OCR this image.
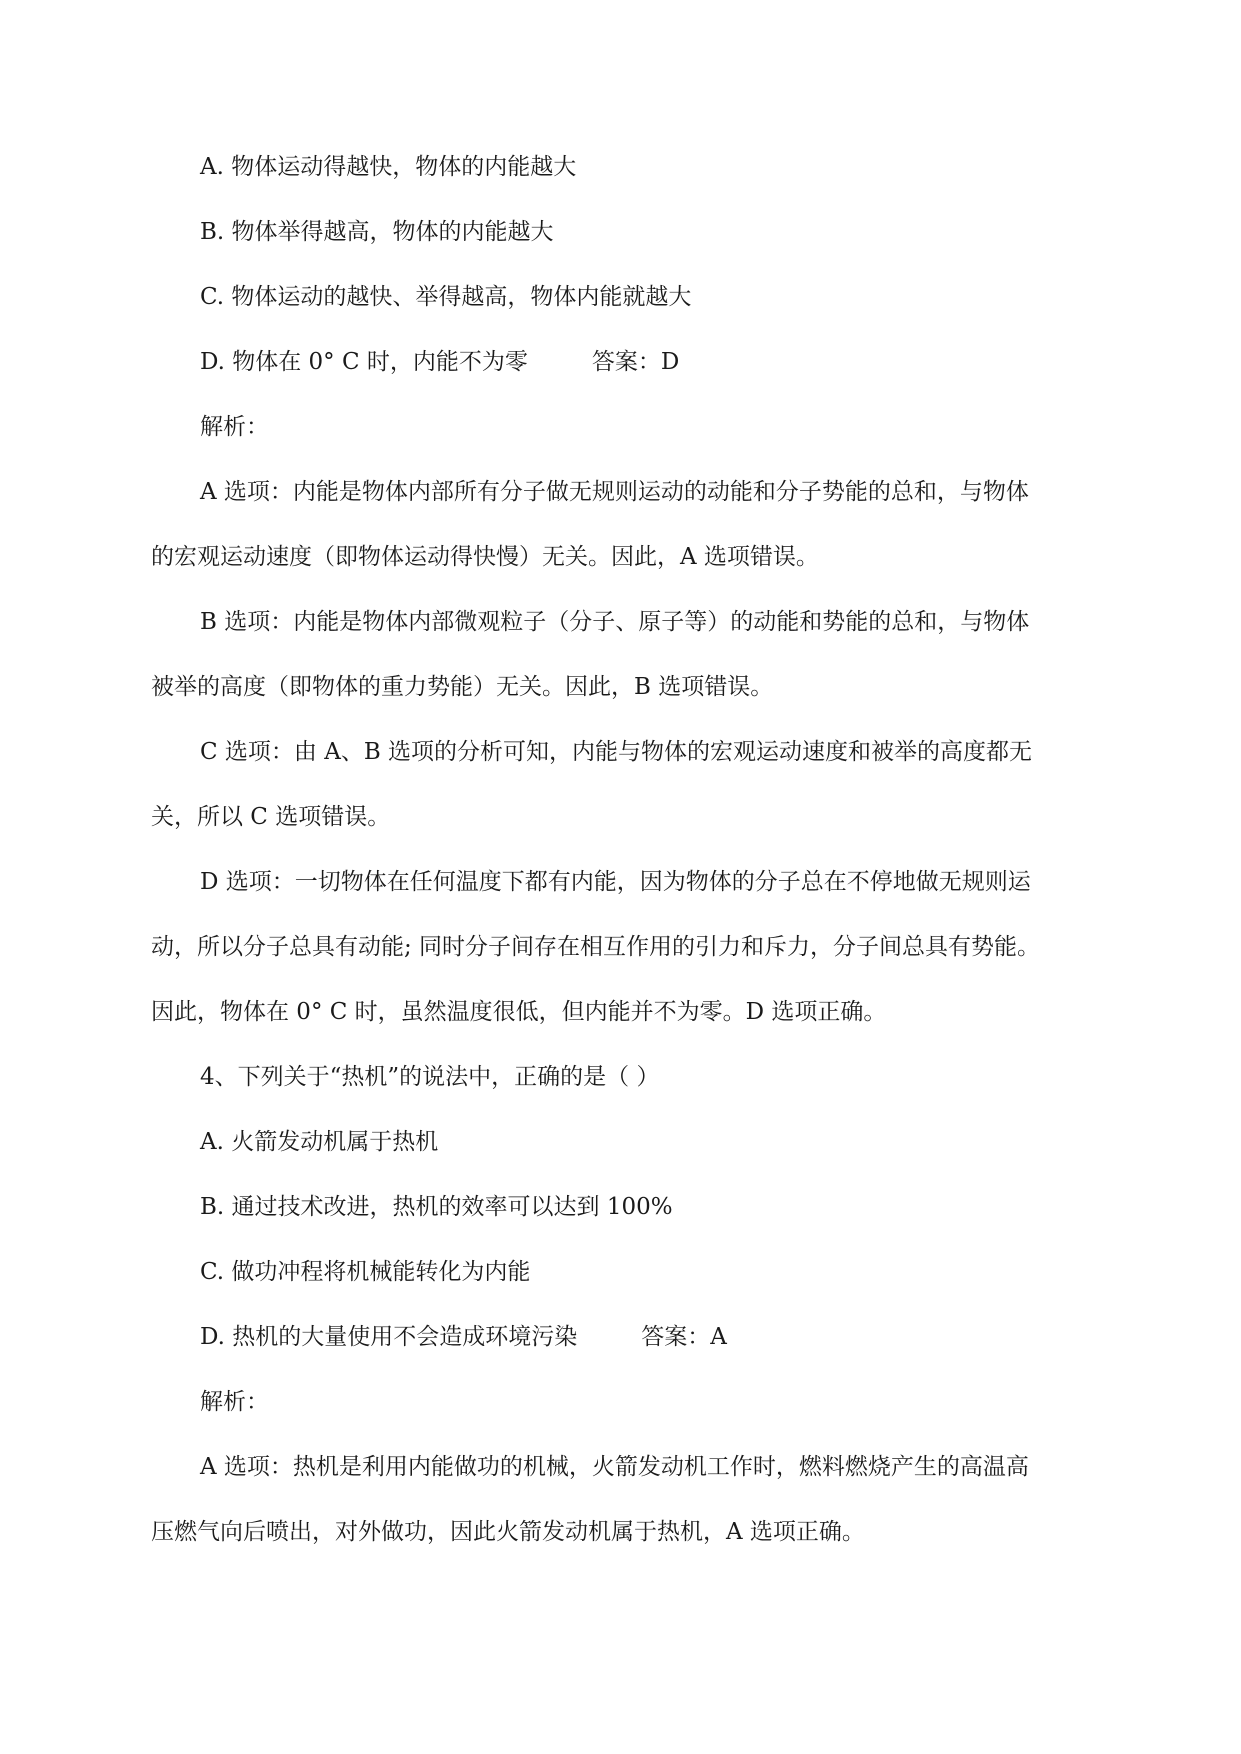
A. 物体运动得越快，物体的内能越大
B. 物体举得越高，物体的内能越大
C. 物体运动的越快、举得越高，物体内能就越大
D. 物体在 0° C 时，内能不为零	答案：D
解析：
A 选项：内能是物体内部所有分子做无规则运动的动能和分子势能的总和，与物体
的宏观运动速度（即物体运动得快慢）无关。因此，A 选项错误。
B 选项：内能是物体内部微观粒子（分子、原子等）的动能和势能的总和，与物体
被举的高度（即物体的重力势能）无关。因此，B 选项错误。
C 选项：由 A、B 选项的分析可知，内能与物体的宏观运动速度和被举的高度都无
关，所以 C 选项错误。
D 选项：一切物体在任何温度下都有内能，因为物体的分子总在不停地做无规则运
动，所以分子总具有动能; 同时分子间存在相互作用的引力和斥力，分子间总具有势能。
因此，物体在 0° C 时，虽然温度很低，但内能并不为零。D 选项正确。
4、下列关于“热机”的说法中，正确的是（ ）
A. 火箭发动机属于热机
B. 通过技术改进，热机的效率可以达到 100%
C. 做功冲程将机械能转化为内能
D. 热机的大量使用不会造成环境污染	答案：A
解析：
A 选项：热机是利用内能做功的机械，火箭发动机工作时，燃料燃烧产生的高温高
压燃气向后喷出，对外做功，因此火箭发动机属于热机，A 选项正确。
